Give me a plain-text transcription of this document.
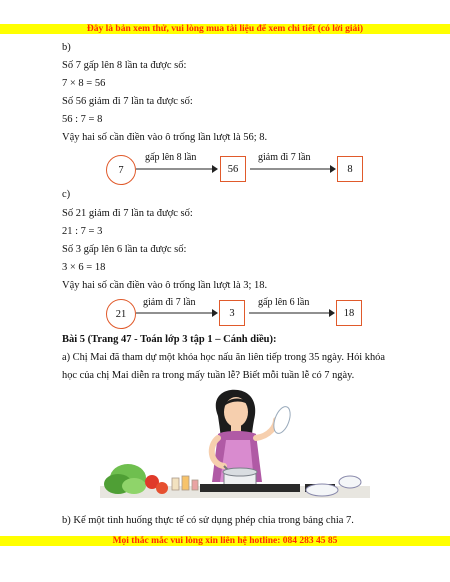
Đây là bản xem thử, vui lòng mua tài liệu để xem chi tiết (có lời giải)
b)
Số 7 gấp lên 8 lần ta được số:
7 × 8 = 56
Số 56 giảm đi 7 lần ta được số:
56 : 7 = 8
Vậy hai số cần điền vào ô trống lần lượt là 56; 8.
7
gấp lên 8 lần
56
giảm đi 7 lần
8
c)
Số 21 giảm đi 7 lần ta được số:
21 : 7 = 3
Số 3 gấp lên 6 lần ta được số:
3 × 6 = 18
Vậy hai số cần điền vào ô trống lần lượt là 3; 18.
21
giảm đi 7 lần
3
gấp lên 6 lần
18
Bài 5 (Trang 47 - Toán lớp 3 tập 1 – Cánh diều):
a) Chị Mai đã tham dự một khóa học nấu ăn liên tiếp trong 35 ngày. Hỏi khóa
học của chị Mai diễn ra trong mấy tuần lễ? Biết mỗi tuần lễ có 7 ngày.
b) Kể một tình huống thực tế có sử dụng phép chia trong bảng chia 7.
Mọi thắc mắc vui lòng xin liên hệ hotline: 084 283 45 85
